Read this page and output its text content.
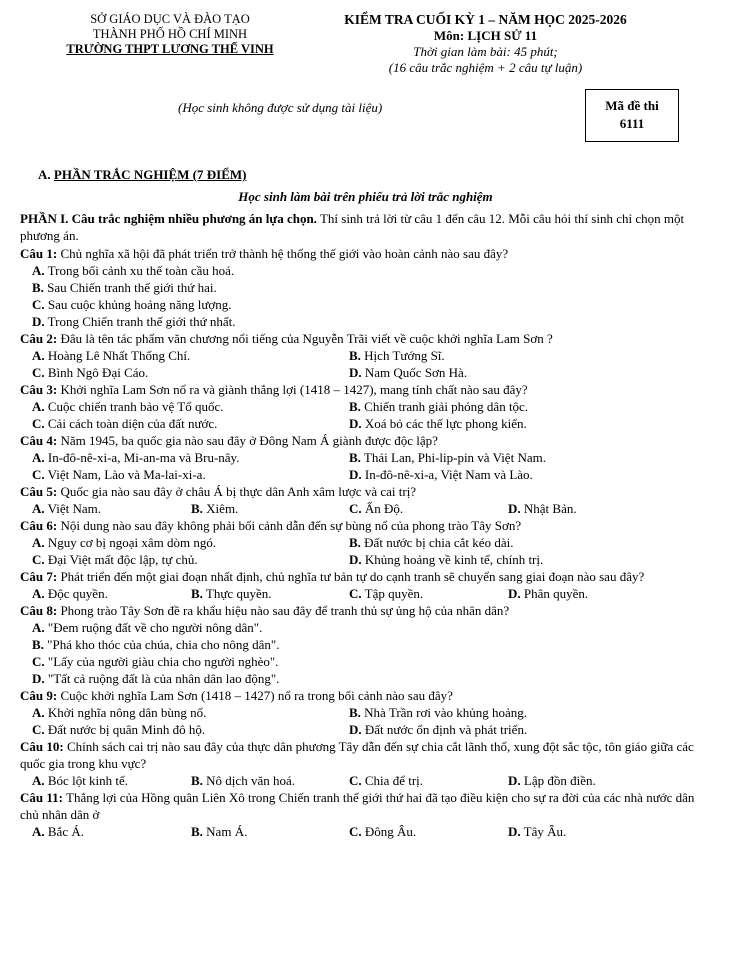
SỞ GIÁO DỤC VÀ ĐÀO TẠO
THÀNH PHỐ HỒ CHÍ MINH
TRƯỜNG THPT LƯƠNG THẾ VINH
KIỂM TRA CUỐI KỲ 1 – NĂM HỌC 2025-2026
Môn: LỊCH SỬ 11
Thời gian làm bài: 45 phút;
(16 câu trắc nghiệm + 2 câu tự luận)
(Học sinh không được sử dụng tài liệu)	Mã đề thi
6111
A. PHẦN TRẮC NGHIỆM (7 ĐIỂM)
Học sinh làm bài trên phiếu trả lời trắc nghiệm

PHẦN I. Câu trắc nghiệm nhiều phương án lựa chọn. Thí sinh trả lời từ câu 1 đến câu 12. Mỗi câu hỏi thí sinh chỉ chọn một phương án.

Câu 1: Chủ nghĩa xã hội đã phát triển trở thành hệ thống thế giới vào hoàn cảnh nào sau đây?

A. Trong bối cảnh xu thế toàn cầu hoá.
B. Sau Chiến tranh thế giới thứ hai.
C. Sau cuộc khủng hoảng năng lượng.
D. Trong Chiến tranh thế giới thứ nhất.

Câu 2: Đâu là tên tác phẩm văn chương nổi tiếng của Nguyễn Trãi viết về cuộc khởi nghĩa Lam Sơn ?

A. Hoàng Lê Nhất Thống Chí.	B. Hịch Tướng Sĩ.
C. Bình Ngô Đại Cáo.	D. Nam Quốc Sơn Hà.

Câu 3: Khởi nghĩa Lam Sơn nổ ra và giành thắng lợi (1418 – 1427), mang tính chất nào sau đây?

A. Cuộc chiến tranh bảo vệ Tổ quốc.	B. Chiến tranh giải phóng dân tộc.
C. Cải cách toàn diện của đất nước.	D. Xoá bỏ các thế lực phong kiến.

Câu 4: Năm 1945, ba quốc gia nào sau đây ở Đông Nam Á giành được độc lập?

A. In-đô-nê-xi-a, Mi-an-ma và Bru-nây.	B. Thái Lan, Phi-lip-pin và Việt Nam.
C. Việt Nam, Lào và Ma-lai-xi-a.	D. In-đô-nê-xi-a, Việt Nam và Lào.

Câu 5: Quốc gia nào sau đây ở châu Á bị thực dân Anh xâm lược và cai trị?

A. Việt Nam.	B. Xiêm.	C. Ấn Độ.	D. Nhật Bản.

Câu 6: Nội dung nào sau đây không phải bối cảnh dẫn đến sự bùng nổ của phong trào Tây Sơn?

A. Nguy cơ bị ngoại xâm dòm ngó.	B. Đất nước bị chia cắt kéo dài.
C. Đại Việt mất độc lập, tự chủ.	D. Khủng hoảng về kinh tế, chính trị.

Câu 7: Phát triển đến một giai đoạn nhất định, chủ nghĩa tư bản tự do cạnh tranh sẽ chuyển sang giai đoạn nào sau đây?

A. Độc quyền.	B. Thực quyền.	C. Tập quyền.	D. Phân quyền.

Câu 8: Phong trào Tây Sơn đề ra khẩu hiệu nào sau đây để tranh thủ sự ủng hộ của nhân dân?

A. "Đem ruộng đất về cho người nông dân".
B. "Phá kho thóc của chúa, chia cho nông dân".
C. "Lấy của người giàu chia cho người nghèo".
D. "Tất cả ruộng đất là của nhân dân lao động".

Câu 9: Cuộc khởi nghĩa Lam Sơn (1418 – 1427) nổ ra trong bối cảnh nào sau đây?

A. Khởi nghĩa nông dân bùng nổ.	B. Nhà Trần rơi vào khủng hoảng.
C. Đất nước bị quân Minh đô hộ.	D. Đất nước ổn định và phát triển.

Câu 10: Chính sách cai trị nào sau đây của thực dân phương Tây dẫn đến sự chia cắt lãnh thổ, xung đột sắc tộc, tôn giáo giữa các quốc gia trong khu vực?

A. Bóc lột kinh tế.	B. Nô dịch văn hoá.	C. Chia để trị.	D. Lập đồn điền.

Câu 11: Thắng lợi của Hồng quân Liên Xô trong Chiến tranh thế giới thứ hai đã tạo điều kiện cho sự ra đời của các nhà nước dân chủ nhân dân ở

A. Bắc Á.	B. Nam Á.	C. Đông Âu.	D. Tây Âu.
